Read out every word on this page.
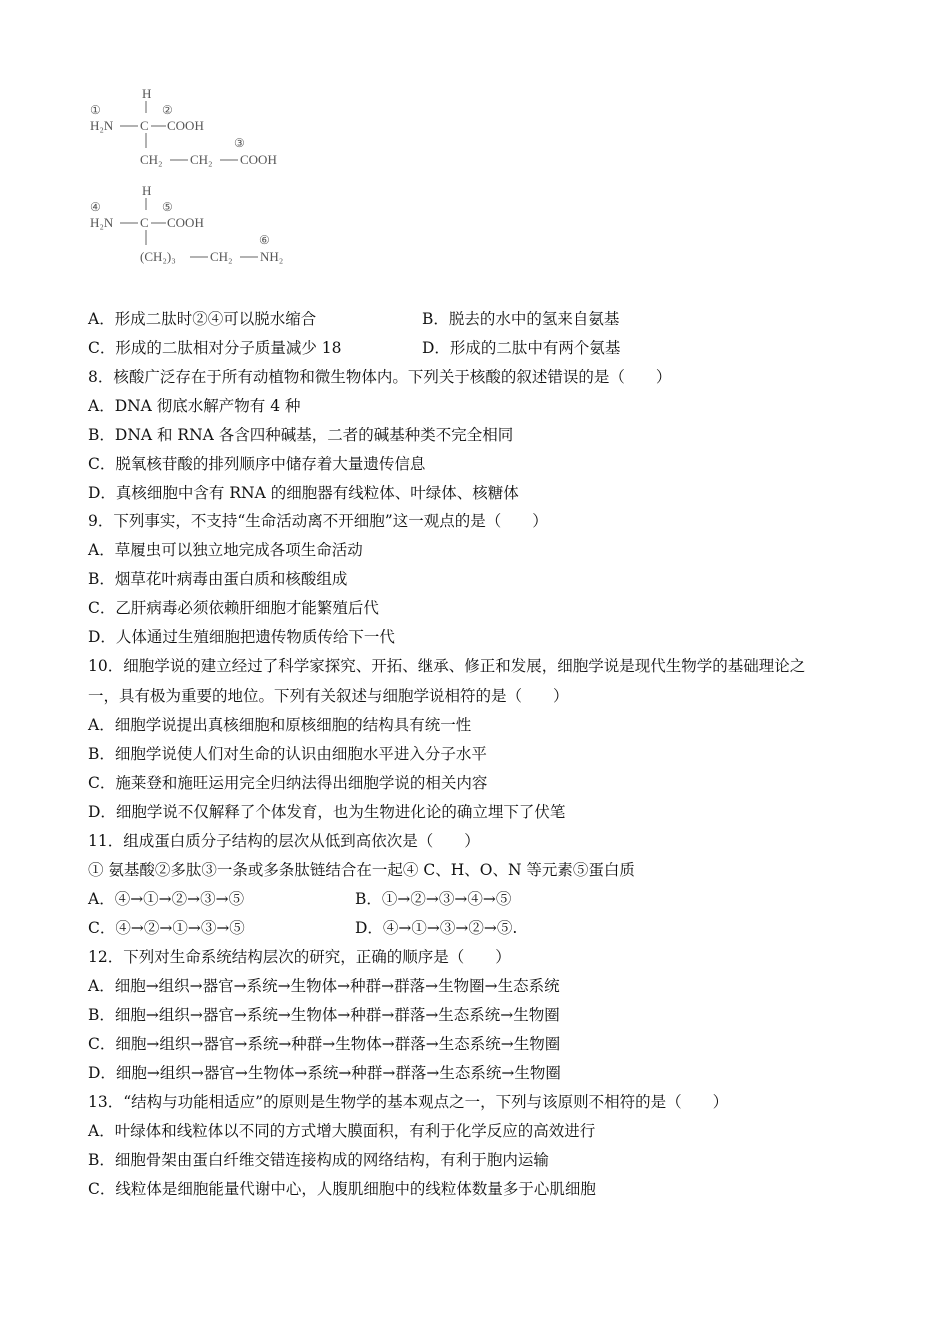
H
①	②
H₂N C COOH
③
CH₂ CH₂ COOH
H
④	⑤
H₂N C COOH
⑥
(CH₂)₃	CH₂ NH₂
A．形成二肽时②④可以脱水缩合	B．脱去的水中的氢来自氨基
C．形成的二肽相对分子质量减少 18	D．形成的二肽中有两个氨基
8．核酸广泛存在于所有动植物和微生物体内。下列关于核酸的叙述错误的是（　　）
A．DNA 彻底水解产物有 4 种
B．DNA 和 RNA 各含四种碱基，二者的碱基种类不完全相同
C．脱氧核苷酸的排列顺序中储存着大量遗传信息
D．真核细胞中含有 RNA 的细胞器有线粒体、叶绿体、核糖体
9．下列事实，不支持“生命活动离不开细胞”这一观点的是（　　）
A．草履虫可以独立地完成各项生命活动
B．烟草花叶病毒由蛋白质和核酸组成
C．乙肝病毒必须依赖肝细胞才能繁殖后代
D．人体通过生殖细胞把遗传物质传给下一代
10．细胞学说的建立经过了科学家探究、开拓、继承、修正和发展，细胞学说是现代生物学的基础理论之
一，具有极为重要的地位。下列有关叙述与细胞学说相符的是（　　）
A．细胞学说提出真核细胞和原核细胞的结构具有统一性
B．细胞学说使人们对生命的认识由细胞水平进入分子水平
C．施莱登和施旺运用完全归纳法得出细胞学说的相关内容
D．细胞学说不仅解释了个体发育，也为生物进化论的确立埋下了伏笔
11．组成蛋白质分子结构的层次从低到高依次是（　　）
① 氨基酸②多肽③一条或多条肽链结合在一起④ C、H、O、N 等元素⑤蛋白质
A．④→①→②→③→⑤	B．①→②→③→④→⑤
C．④→②→①→③→⑤	D．④→①→③→②→⑤.
12．下列对生命系统结构层次的研究，正确的顺序是（　　）
A．细胞→组织→器官→系统→生物体→种群→群落→生物圈→生态系统
B．细胞→组织→器官→系统→生物体→种群→群落→生态系统→生物圈
C．细胞→组织→器官→系统→种群→生物体→群落→生态系统→生物圈
D．细胞→组织→器官→生物体→系统→种群→群落→生态系统→生物圈
13．“结构与功能相适应”的原则是生物学的基本观点之一，下列与该原则不相符的是（　　）
A．叶绿体和线粒体以不同的方式增大膜面积，有利于化学反应的高效进行
B．细胞骨架由蛋白纤维交错连接构成的网络结构，有利于胞内运输
C．线粒体是细胞能量代谢中心，人腹肌细胞中的线粒体数量多于心肌细胞
